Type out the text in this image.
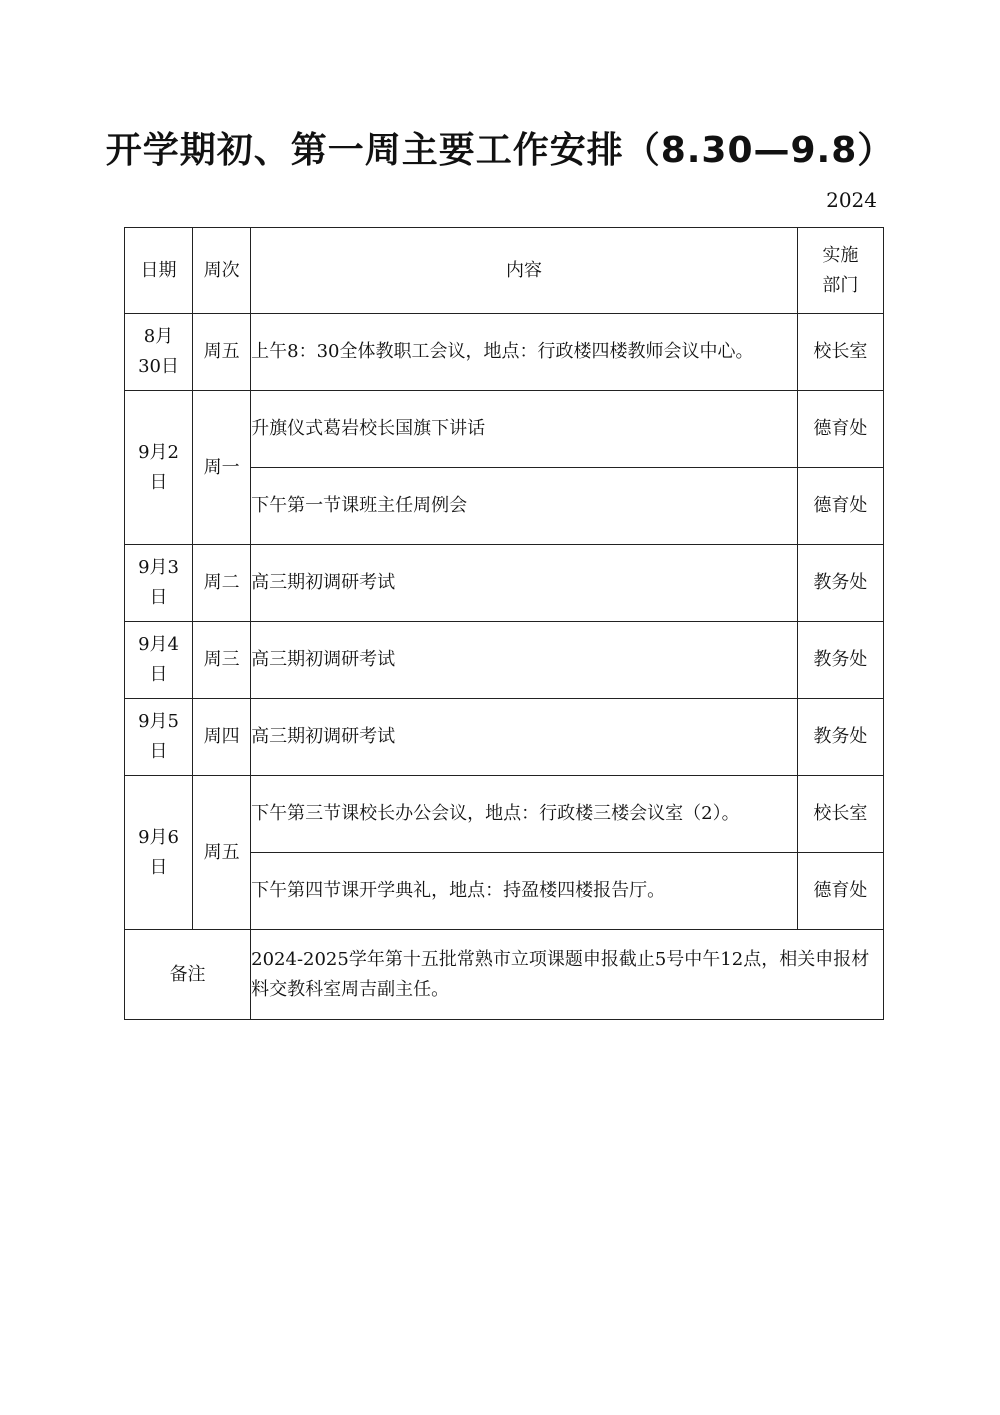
开学期初、第一周主要工作安排（8.30—9.8）
2024
日期	周次	内容	实施部门
8月30日	周五	上午8：30全体教职工会议，地点：行政楼四楼教师会议中心。	校长室
9月2日	周一	升旗仪式葛岩校长国旗下讲话	德育处
		下午第一节课班主任周例会	德育处
9月3日	周二	高三期初调研考试	教务处
9月4日	周三	高三期初调研考试	教务处
9月5日	周四	高三期初调研考试	教务处
9月6日	周五	下午第三节课校长办公会议，地点：行政楼三楼会议室（2）。	校长室
		下午第四节课开学典礼，地点：持盈楼四楼报告厅。	德育处
备注		2024-2025学年第十五批常熟市立项课题申报截止5号中午12点，相关申报材料交教科室周吉副主任。	
